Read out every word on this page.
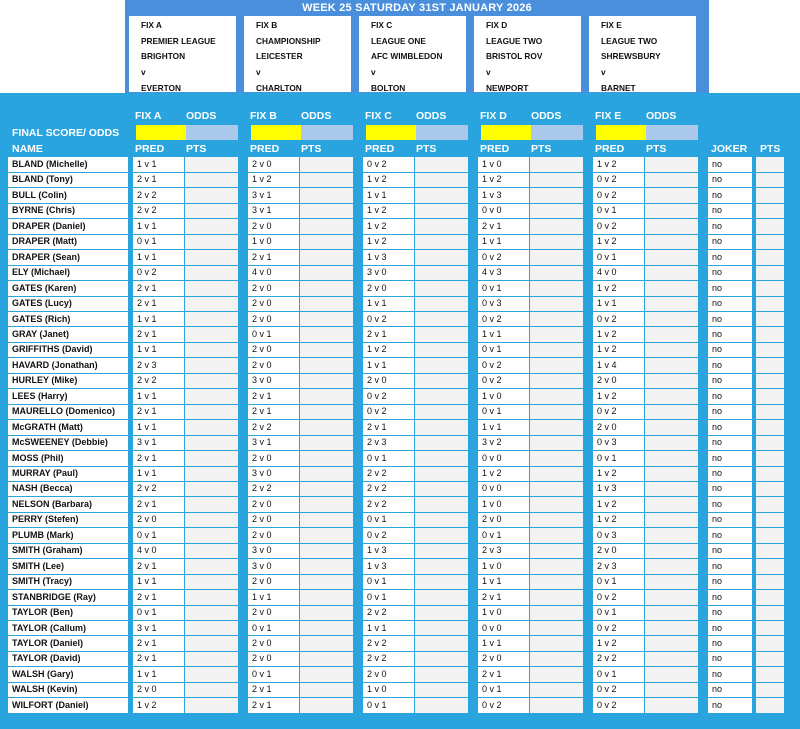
WEEK 25 SATURDAY 31ST JANUARY 2026
FIX A
PREMIER LEAGUE
BRIGHTON
v
EVERTON
FIX B
CHAMPIONSHIP
LEICESTER
v
CHARLTON
FIX C
LEAGUE ONE
AFC WIMBLEDON
v
BOLTON
FIX D
LEAGUE TWO
BRISTOL ROV
v
NEWPORT
FIX E
LEAGUE TWO
SHREWSBURY
v
BARNET
FIX A ODDS
PRED PTS
FIX B ODDS
PRED PTS
FIX C ODDS
PRED PTS
FIX D ODDS
PRED PTS
FIX E ODDS
PRED PTS
FINAL SCORE/ ODDS
NAME	JOKER PTS
BLAND (Michelle)	1 v 1	2 v 0	0 v 2	1 v 0	1 v 2	no
BLAND (Tony)	2 v 1	1 v 2	1 v 2	1 v 2	0 v 2	no
BULL (Colin)	2 v 2	3 v 1	1 v 1	1 v 3	0 v 2	no
BYRNE (Chris)	2 v 2	3 v 1	1 v 2	0 v 0	0 v 1	no
DRAPER (Daniel)	1 v 1	2 v 0	1 v 2	2 v 1	0 v 2	no
DRAPER (Matt)	0 v 1	1 v 0	1 v 2	1 v 1	1 v 2	no
DRAPER (Sean)	1 v 1	2 v 1	1 v 3	0 v 2	0 v 1	no
ELY (Michael)	0 v 2	4 v 0	3 v 0	4 v 3	4 v 0	no
GATES (Karen)	2 v 1	2 v 0	2 v 0	0 v 1	1 v 2	no
GATES (Lucy)	2 v 1	2 v 0	1 v 1	0 v 3	1 v 1	no
GATES (Rich)	1 v 1	2 v 0	0 v 2	0 v 2	0 v 2	no
GRAY (Janet)	2 v 1	0 v 1	2 v 1	1 v 1	1 v 2	no
GRIFFITHS (David)	1 v 1	2 v 0	1 v 2	0 v 1	1 v 2	no
HAVARD (Jonathan)	2 v 3	2 v 0	1 v 1	0 v 2	1 v 4	no
HURLEY (Mike)	2 v 2	3 v 0	2 v 0	0 v 2	2 v 0	no
LEES (Harry)	1 v 1	2 v 1	0 v 2	1 v 0	1 v 2	no
MAURELLO (Domenico) 2 v 1	2 v 1	0 v 2	0 v 1	0 v 2	no
McGRATH (Matt)	1 v 1	2 v 2	2 v 1	1 v 1	2 v 0	no
McSWEENEY (Debbie)	3 v 1	3 v 1	2 v 3	3 v 2	0 v 3	no
MOSS (Phil)	2 v 1	2 v 0	0 v 1	0 v 0	0 v 1	no
MURRAY (Paul)	1 v 1	3 v 0	2 v 2	1 v 2	1 v 2	no
NASH (Becca)	2 v 2	2 v 2	2 v 2	0 v 0	1 v 3	no
NELSON (Barbara)	2 v 1	2 v 0	2 v 2	1 v 0	1 v 2	no
PERRY (Stefen)	2 v 0	2 v 0	0 v 1	2 v 0	1 v 2	no
PLUMB (Mark)	0 v 1	2 v 0	0 v 2	0 v 1	0 v 3	no
SMITH (Graham)	4 v 0	3 v 0	1 v 3	2 v 3	2 v 0	no
SMITH (Lee)	2 v 1	3 v 0	1 v 3	1 v 0	2 v 3	no
SMITH (Tracy)	1 v 1	2 v 0	0 v 1	1 v 1	0 v 1	no
STANBRIDGE (Ray)	2 v 1	1 v 1	0 v 1	2 v 1	0 v 2	no
TAYLOR (Ben)	0 v 1	2 v 0	2 v 2	1 v 0	0 v 1	no
TAYLOR (Callum)	3 v 1	0 v 1	1 v 1	0 v 0	0 v 2	no
TAYLOR (Daniel)	2 v 1	2 v 0	2 v 2	1 v 1	1 v 2	no
TAYLOR (David)	2 v 1	2 v 0	2 v 2	2 v 0	2 v 2	no
WALSH (Gary)	1 v 1	0 v 1	2 v 0	2 v 1	0 v 1	no
WALSH (Kevin)	2 v 0	2 v 1	1 v 0	0 v 1	0 v 2	no
WILFORT (Daniel)	1 v 2	2 v 1	0 v 1	0 v 2	0 v 2	no
